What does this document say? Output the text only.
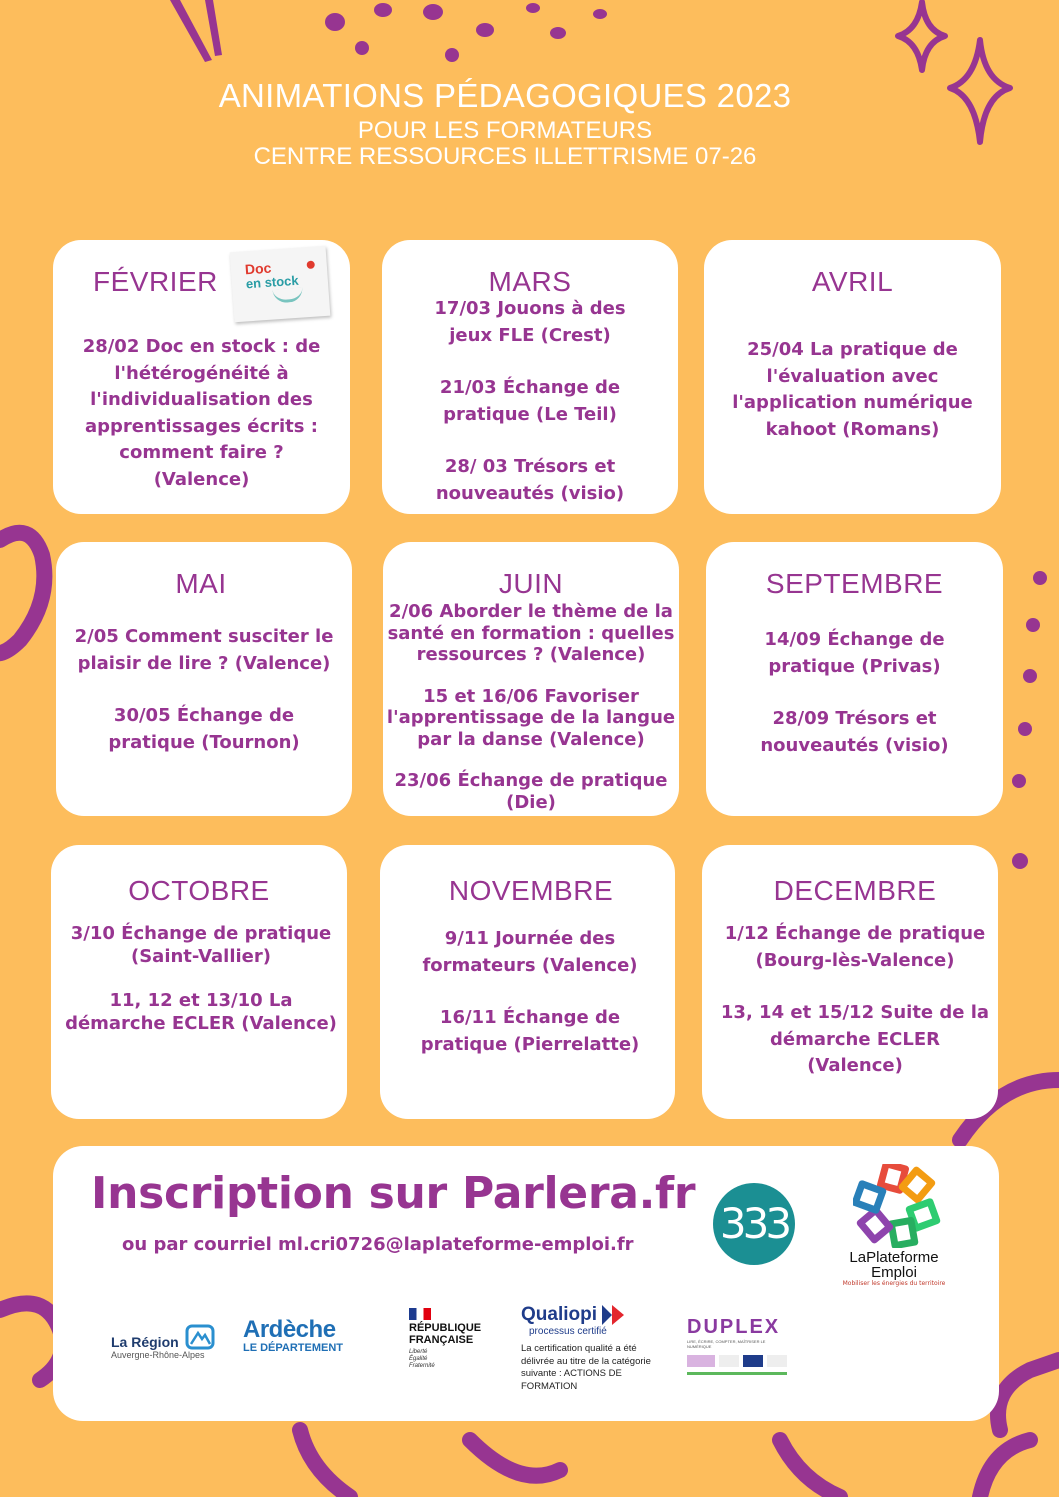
ANIMATIONS PÉDAGOGIQUES 2023
POUR LES FORMATEURS
CENTRE RESSOURCES ILLETTRISME 07-26
FÉVRIER
28/02 Doc en stock : de
l'hétérogénéité à
l'individualisation des
apprentissages écrits :
comment faire ?
(Valence)
Doc
en stock	MARS
17/03 Jouons à des
jeux FLE (Crest)
21/03 Échange de
pratique (Le Teil)
28/ 03 Trésors et
nouveautés (visio)
AVRIL
25/04 La pratique de
l'évaluation avec
l'application numérique
kahoot (Romans)
MAI
2/05 Comment susciter le
plaisir de lire ? (Valence)
30/05 Échange de
pratique (Tournon)
JUIN
2/06 Aborder le thème de la
santé en formation : quelles
ressources ? (Valence)
15 et 16/06 Favoriser
l'apprentissage de la langue
par la danse (Valence)
23/06 Échange de pratique
(Die)
SEPTEMBRE
14/09 Échange de
pratique (Privas)
28/09 Trésors et
nouveautés (visio)
OCTOBRE
3/10 Échange de pratique
(Saint-Vallier)
11, 12 et 13/10 La
démarche ECLER (Valence)
NOVEMBRE
9/11 Journée des
formateurs (Valence)
16/11 Échange de
pratique (Pierrelatte)
DECEMBRE
1/12 Échange de pratique
(Bourg-lès-Valence)
13, 14 et 15/12 Suite de la
démarche ECLER
(Valence)
Inscription sur Parlera.fr
ou par courriel ml.cri0726@laplateforme-emploi.fr 333
LaPlateforme
Emploi
Mobiliser les énergies du territoire
La Région
Auvergne-Rhône-Alpes
Ardèche
LE DÉPARTEMENT
RÉPUBLIQUE
FRANÇAISE
Liberté
Égalité
Fraternité
Qualiopi
processus certifié
La certification qualité a été délivrée au titre de la catégorie suivante : ACTIONS DE FORMATION
DUPLEX
LIRE, ÉCRIRE, COMPTER, MAÎTRISER LE NUMÉRIQUE
